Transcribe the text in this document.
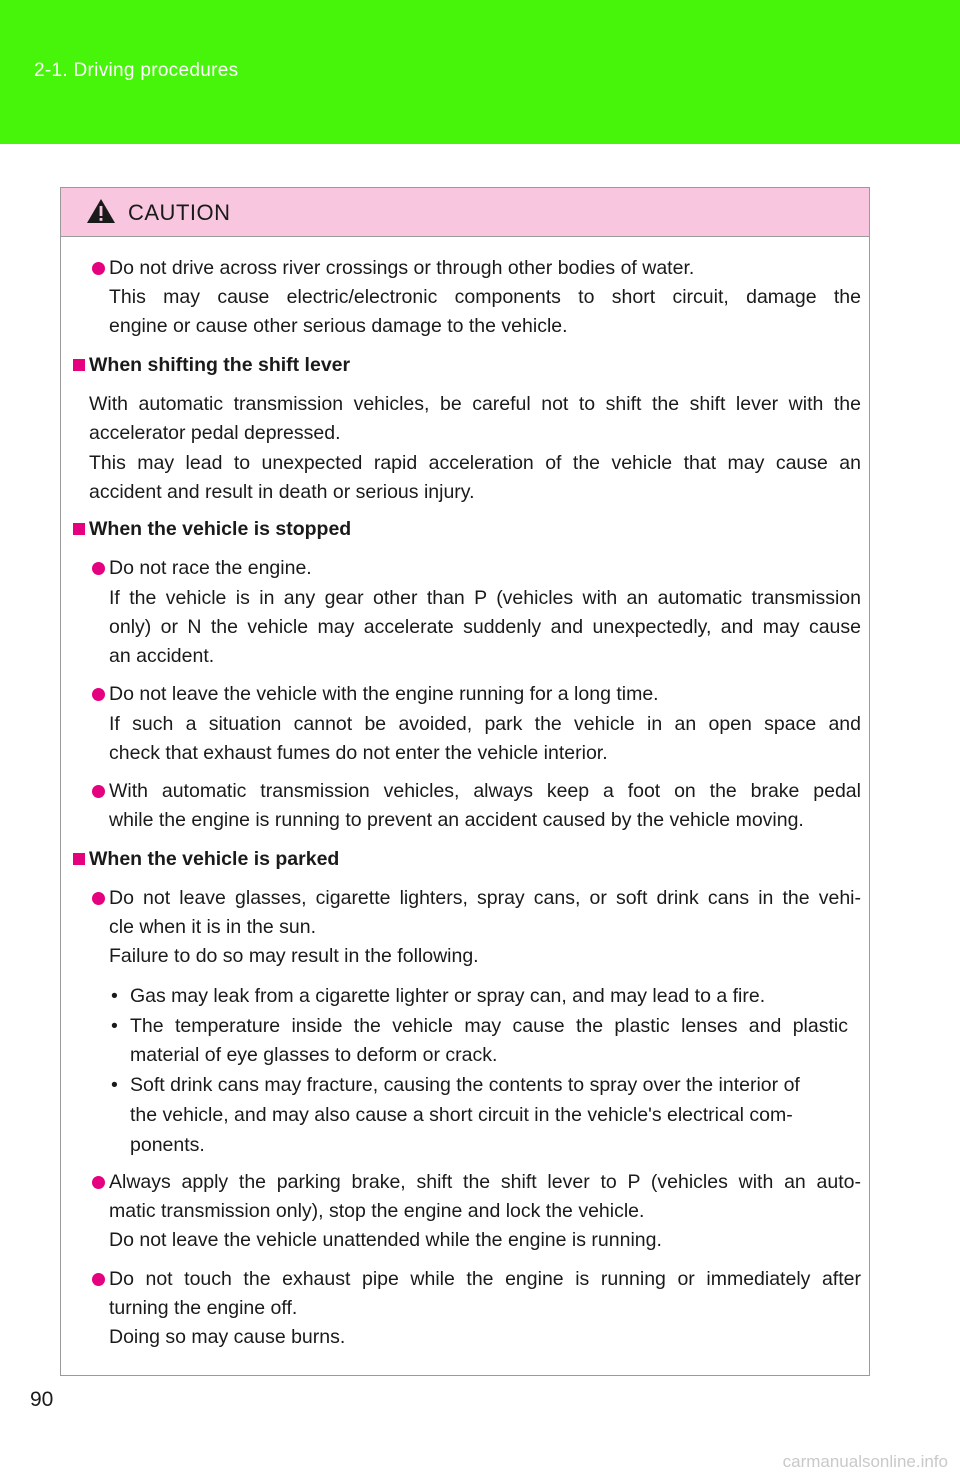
2-1. Driving procedures
CAUTION
Do not drive across river crossings or through other bodies of water.
This may cause electric/electronic components to short circuit, damage the
engine or cause other serious damage to the vehicle.
When shifting the shift lever
With automatic transmission vehicles, be careful not to shift the shift lever with the
accelerator pedal depressed.
This may lead to unexpected rapid acceleration of the vehicle that may cause an
accident and result in death or serious injury.
When the vehicle is stopped
Do not race the engine.
If the vehicle is in any gear other than P (vehicles with an automatic transmission
only) or N the vehicle may accelerate suddenly and unexpectedly, and may cause
an accident.
Do not leave the vehicle with the engine running for a long time.
If such a situation cannot be avoided, park the vehicle in an open space and
check that exhaust fumes do not enter the vehicle interior.
With automatic transmission vehicles, always keep a foot on the brake pedal
while the engine is running to prevent an accident caused by the vehicle moving.
When the vehicle is parked
Do not leave glasses, cigarette lighters, spray cans, or soft drink cans in the vehi-
cle when it is in the sun.
Failure to do so may result in the following.
• Gas may leak from a cigarette lighter or spray can, and may lead to a fire.
• The temperature inside the vehicle may cause the plastic lenses and plastic
material of eye glasses to deform or crack.
• Soft drink cans may fracture, causing the contents to spray over the interior of
the vehicle, and may also cause a short circuit in the vehicle's electrical com-
ponents.
Always apply the parking brake, shift the shift lever to P (vehicles with an auto-
matic transmission only), stop the engine and lock the vehicle.
Do not leave the vehicle unattended while the engine is running.
Do not touch the exhaust pipe while the engine is running or immediately after
turning the engine off.
Doing so may cause burns.
90
carmanualsonline.info
